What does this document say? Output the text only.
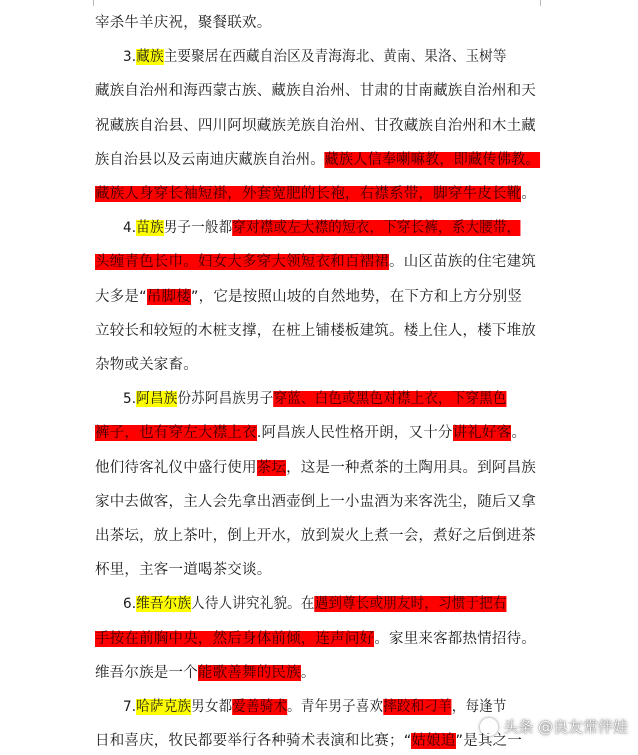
宰杀牛羊庆祝，聚餐联欢。
3.藏族主要聚居在西藏自治区及青海海北、黄南、果洛、玉树等
藏族自治州和海西蒙古族、藏族自治州、甘肃的甘南藏族自治州和天
祝藏族自治县、四川阿坝藏族羌族自治州、甘孜藏族自治州和木土藏
族自治县以及云南迪庆藏族自治州。藏族人信奉喇嘛教，即藏传佛教。
藏族人身穿长袖短褂，外套宽肥的长袍，右襟系带，脚穿牛皮长靴。
4.苗族男子一般都穿对襟或左大襟的短衣，下穿长裤，系大腰带，
头缠青色长巾。妇女大多穿大领短衣和百褶裙。山区苗族的住宅建筑
大多是“吊脚楼”，它是按照山坡的自然地势，在下方和上方分别竖
立较长和较短的木桩支撑，在桩上铺楼板建筑。楼上住人，楼下堆放
杂物或关家畜。
5.阿昌族份苏阿昌族男子穿蓝、白色或黑色对襟上衣，下穿黑色
裤子，也有穿左大襟上衣.阿昌族人民性格开朗，又十分讲礼好客。
他们待客礼仪中盛行使用茶坛，这是一种煮茶的土陶用具。到阿昌族
家中去做客，主人会先拿出酒壶倒上一小盅酒为来客洗尘，随后又拿
出茶坛，放上茶叶，倒上开水，放到炭火上煮一会，煮好之后倒进茶
杯里，主客一道喝茶交谈。
6.维吾尔族人待人讲究礼貌。在遇到尊长或朋友时，习惯于把右
手按在前胸中央，然后身体前倾，连声问好。家里来客都热情招待。
维吾尔族是一个能歌善舞的民族。
7.哈萨克族男女都爱善骑术。青年男子喜欢摔跤和刁羊，每逢节
日和喜庆，牧民都要举行各种骑术表演和比赛；“姑娘追”是其之一
头条 @良友常伴娃
